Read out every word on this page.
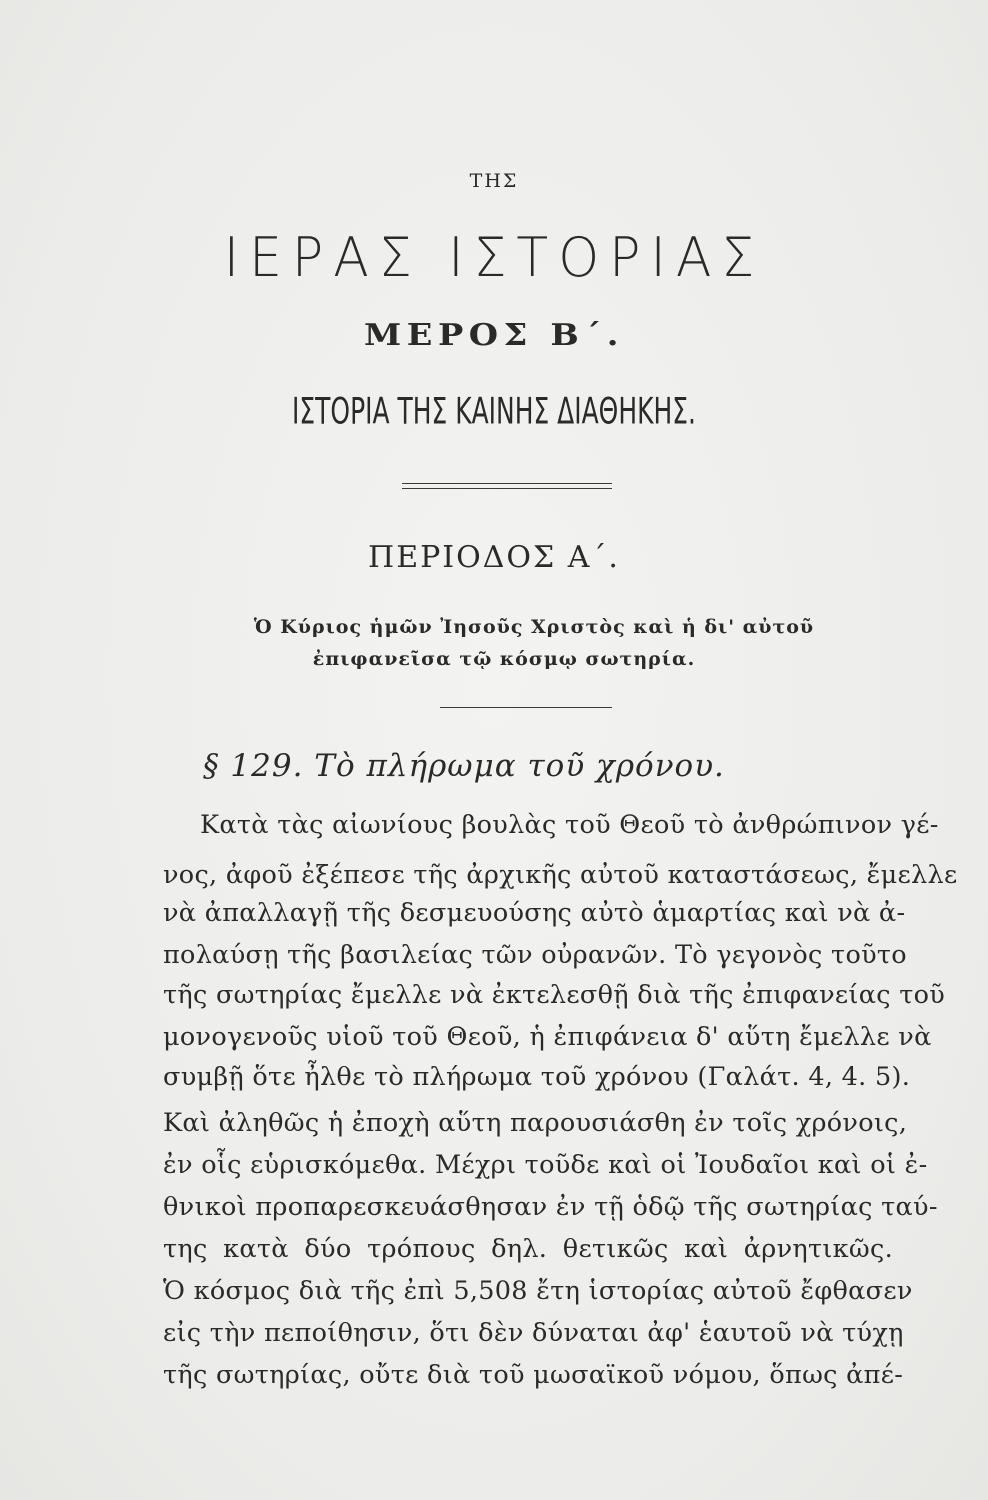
ΤΗΣ
ΙΕΡΑΣ ΙΣΤΟΡΙΑΣ
ΜΕΡΟΣ Β΄.
ΙΣΤΟΡΙΑ ΤΗΣ ΚΑΙΝΗΣ ΔΙΑΘΗΚΗΣ.
ΠΕΡΙΟΔΟΣ Α΄.
Ὁ Κύριος ἡμῶν Ἰησοῦς Χριστὸς καὶ ἡ δι' αὐτοῦ
ἐπιφανεῖσα τῷ κόσμῳ σωτηρία.
§ 129. Τὸ πλήρωμα τοῦ χρόνου.
Κατὰ τὰς αἰωνίους βουλὰς τοῦ Θεοῦ τὸ ἀνθρώπινον γέ-
νος, ἀφοῦ ἐξέπεσε τῆς ἀρχικῆς αὐτοῦ καταστάσεως, ἔμελλε
νὰ ἀπαλλαγῇ τῆς δεσμευούσης αὐτὸ ἁμαρτίας καὶ νὰ ἀ-
πολαύσῃ τῆς βασιλείας τῶν οὐρανῶν. Τὸ γεγονὸς τοῦτο
τῆς σωτηρίας ἔμελλε νὰ ἐκτελεσθῇ διὰ τῆς ἐπιφανείας τοῦ
μονογενοῦς υἱοῦ τοῦ Θεοῦ, ἡ ἐπιφάνεια δ' αὕτη ἔμελλε νὰ
συμβῇ ὅτε ἦλθε τὸ πλήρωμα τοῦ χρόνου (Γαλάτ. 4, 4. 5).
Καὶ ἀληθῶς ἡ ἐποχὴ αὕτη παρουσιάσθη ἐν τοῖς χρόνοις,
ἐν οἷς εὑρισκόμεθα. Μέχρι τοῦδε καὶ οἱ Ἰουδαῖοι καὶ οἱ ἐ-
θνικοὶ προπαρεσκευάσθησαν ἐν τῇ ὁδῷ τῆς σωτηρίας ταύ-
της κατὰ δύο τρόπους δηλ. θετικῶς καὶ ἀρνητικῶς.
Ὁ κόσμος διὰ τῆς ἐπὶ 5,508 ἔτη ἱστορίας αὐτοῦ ἔφθασεν
εἰς τὴν πεποίθησιν, ὅτι δὲν δύναται ἀφ' ἑαυτοῦ νὰ τύχῃ
τῆς σωτηρίας, οὔτε διὰ τοῦ μωσαϊκοῦ νόμου, ὅπως ἀπέ-
